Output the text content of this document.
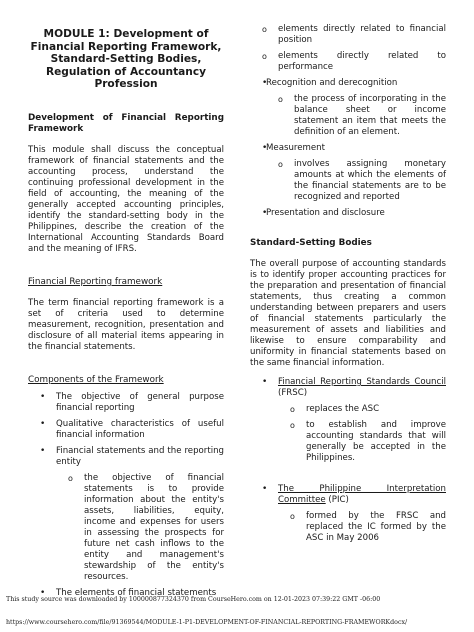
MODULE 1: Development of Financial Reporting Framework, Standard-Setting Bodies, Regulation of Accountancy Profession
Development of Financial Reporting Framework

This module shall discuss the conceptual framework of financial statements and the accounting process, understand the continuing professional development in the field of accounting, the meaning of the generally accepted accounting principles, identify the standard-setting body in the Philippines, describe the creation of the International Accounting Standards Board and the meaning of IFRS.

Financial Reporting framework

The term financial reporting framework is a set of criteria used to determine measurement, recognition, presentation and disclosure of all material items appearing in the financial statements.

Components of the Framework

• The objective of general purpose financial reporting
• Qualitative characteristics of useful financial information
• Financial statements and the reporting entity
o the objective of financial statements is to provide information about the entity's assets, liabilities, equity, income and expenses for users in assessing the prospects for future net cash inflows to the entity and management's stewardship of the entity's resources.
• The elements of financial statements
o elements directly related to financial position
o elements directly related to performance
• Recognition and derecognition
o the process of incorporating in the balance sheet or income statement an item that meets the definition of an element.
• Measurement
o involves assigning monetary amounts at which the elements of the financial statements are to be recognized and reported
• Presentation and disclosure
Standard-Setting Bodies

The overall purpose of accounting standards is to identify proper accounting practices for the preparation and presentation of financial statements, thus creating a common understanding between preparers and users of financial statements particularly the measurement of assets and liabilities and likewise to ensure comparability and uniformity in financial statements based on the same financial information.

• Financial Reporting Standards Council (FRSC)
o replaces the ASC
o to establish and improve accounting standards that will generally be accepted in the Philippines.
• The Philippine Interpretation Committee (PIC)
o formed by the FRSC and replaced the IC formed by the ASC in May 2006
This study source was downloaded by 100000877324370 from CourseHero.com on 12-01-2023 07:39:22 GMT -06:00
https://www.coursehero.com/file/91369544/MODULE-1-P1-DEVELOPMENT-OF-FINANCIAL-REPORTING-FRAMEWORKdocx/
